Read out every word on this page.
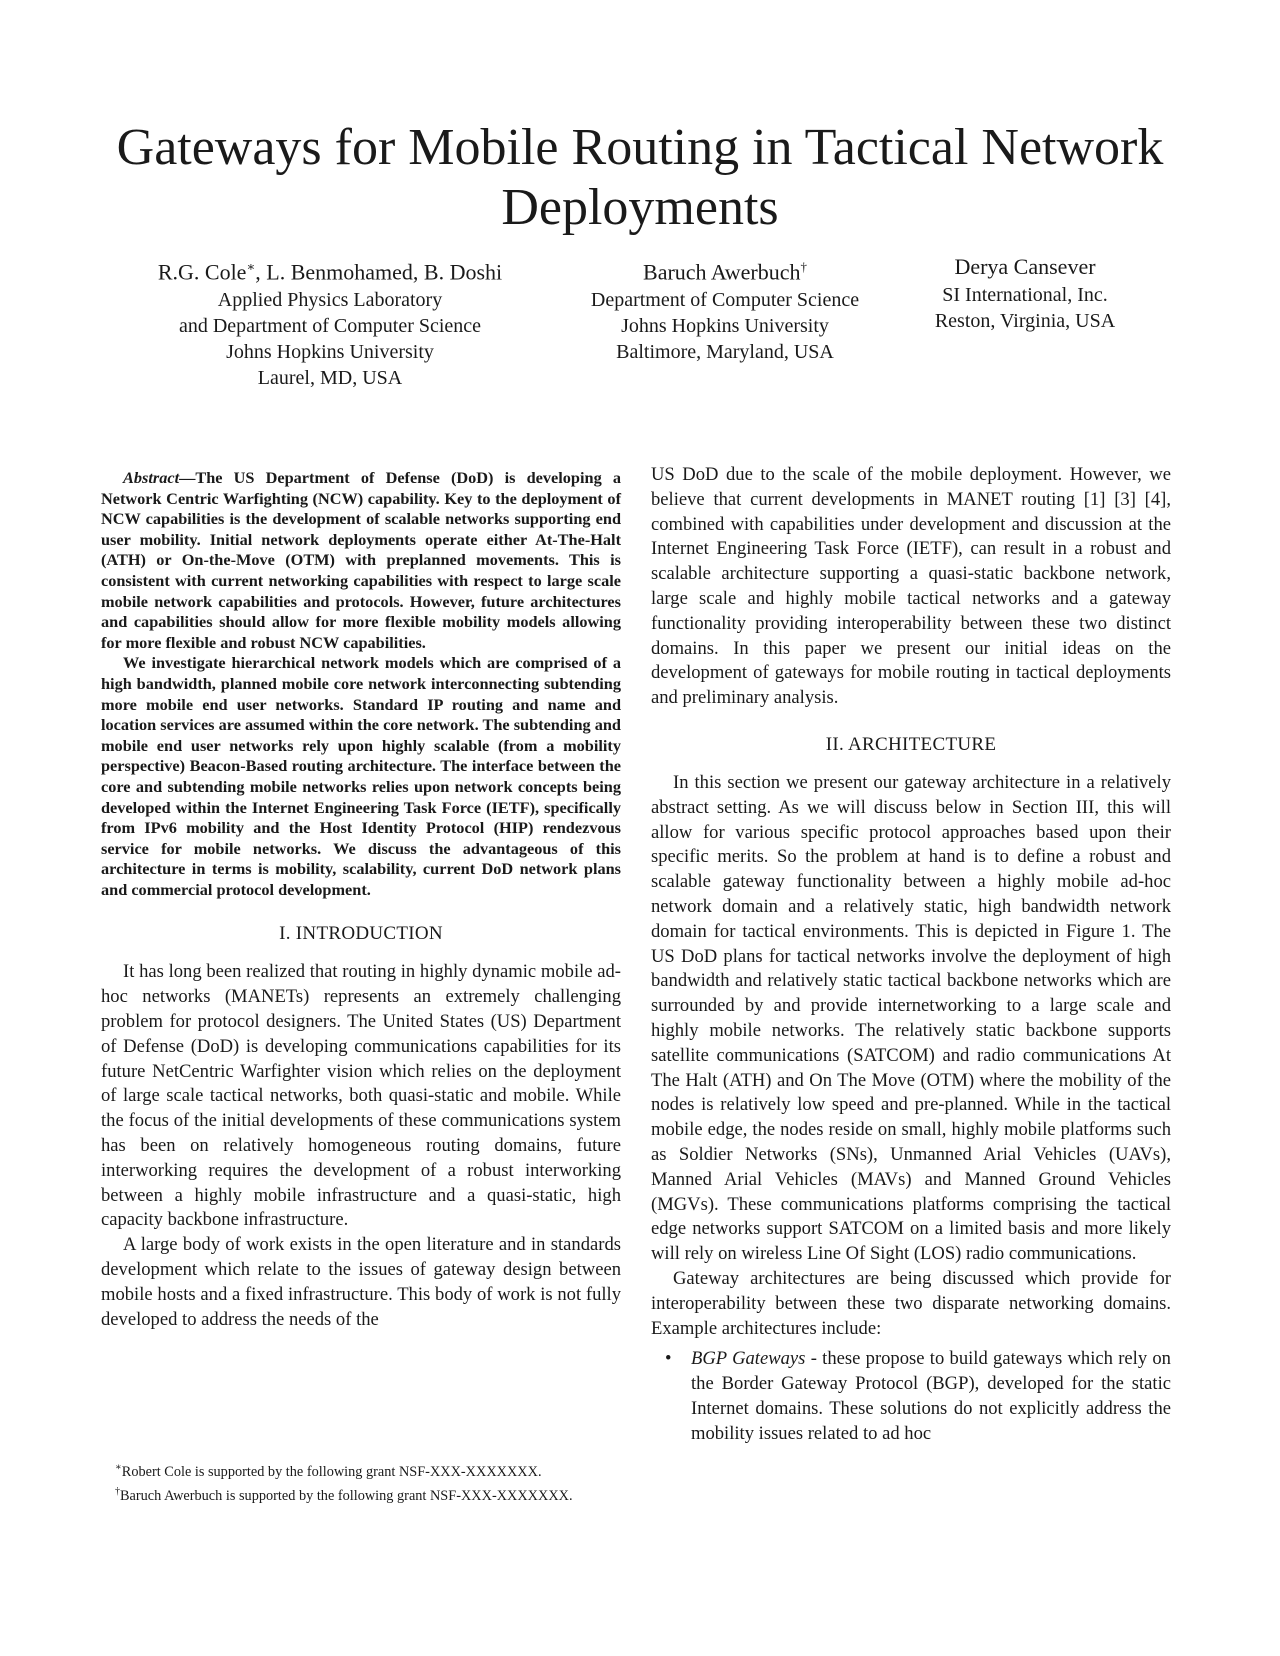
Gateways for Mobile Routing in Tactical Network Deployments
R.G. Cole∗, L. Benmohamed, B. Doshi
Applied Physics Laboratory
and Department of Computer Science
Johns Hopkins University
Laurel, MD, USA
Baruch Awerbuch†
Department of Computer Science
Johns Hopkins University
Baltimore, Maryland, USA
Derya Cansever
SI International, Inc.
Reston, Virginia, USA

Abstract—The US Department of Defense (DoD) is developing a Network Centric Warfighting (NCW) capability. Key to the deployment of NCW capabilities is the development of scalable networks supporting end user mobility. Initial network deployments operate either At-The-Halt (ATH) or On-the-Move (OTM) with preplanned movements. This is consistent with current networking capabilities with respect to large scale mobile network capabilities and protocols. However, future architectures and capabilities should allow for more flexible mobility models allowing for more flexible and robust NCW capabilities.

We investigate hierarchical network models which are comprised of a high bandwidth, planned mobile core network interconnecting subtending more mobile end user networks. Standard IP routing and name and location services are assumed within the core network. The subtending and mobile end user networks rely upon highly scalable (from a mobility perspective) Beacon-Based routing architecture. The interface between the core and subtending mobile networks relies upon network concepts being developed within the Internet Engineering Task Force (IETF), specifically from IPv6 mobility and the Host Identity Protocol (HIP) rendezvous service for mobile networks. We discuss the advantageous of this architecture in terms is mobility, scalability, current DoD network plans and commercial protocol development.

I. INTRODUCTION

It has long been realized that routing in highly dynamic mobile ad-hoc networks (MANETs) represents an extremely challenging problem for protocol designers. The United States (US) Department of Defense (DoD) is developing communications capabilities for its future NetCentric Warfighter vision which relies on the deployment of large scale tactical networks, both quasi-static and mobile. While the focus of the initial developments of these communications system has been on relatively homogeneous routing domains, future interworking requires the development of a robust interworking between a highly mobile infrastructure and a quasi-static, high capacity backbone infrastructure.

A large body of work exists in the open literature and in standards development which relate to the issues of gateway design between mobile hosts and a fixed infrastructure. This body of work is not fully developed to address the needs of the

∗Robert Cole is supported by the following grant NSF-XXX-XXXXXXX.

†Baruch Awerbuch is supported by the following grant NSF-XXX-XXXXXXX.

US DoD due to the scale of the mobile deployment. However, we believe that current developments in MANET routing [1] [3] [4], combined with capabilities under development and discussion at the Internet Engineering Task Force (IETF), can result in a robust and scalable architecture supporting a quasi-static backbone network, large scale and highly mobile tactical networks and a gateway functionality providing interoperability between these two distinct domains. In this paper we present our initial ideas on the development of gateways for mobile routing in tactical deployments and preliminary analysis.

II. ARCHITECTURE

In this section we present our gateway architecture in a relatively abstract setting. As we will discuss below in Section III, this will allow for various specific protocol approaches based upon their specific merits. So the problem at hand is to define a robust and scalable gateway functionality between a highly mobile ad-hoc network domain and a relatively static, high bandwidth network domain for tactical environments. This is depicted in Figure 1. The US DoD plans for tactical networks involve the deployment of high bandwidth and relatively static tactical backbone networks which are surrounded by and provide internetworking to a large scale and highly mobile networks. The relatively static backbone supports satellite communications (SATCOM) and radio communications At The Halt (ATH) and On The Move (OTM) where the mobility of the nodes is relatively low speed and pre-planned. While in the tactical mobile edge, the nodes reside on small, highly mobile platforms such as Soldier Networks (SNs), Unmanned Arial Vehicles (UAVs), Manned Arial Vehicles (MAVs) and Manned Ground Vehicles (MGVs). These communications platforms comprising the tactical edge networks support SATCOM on a limited basis and more likely will rely on wireless Line Of Sight (LOS) radio communications.

Gateway architectures are being discussed which provide for interoperability between these two disparate networking domains. Example architectures include:

• BGP Gateways - these propose to build gateways which rely on the Border Gateway Protocol (BGP), developed for the static Internet domains. These solutions do not explicitly address the mobility issues related to ad hoc
